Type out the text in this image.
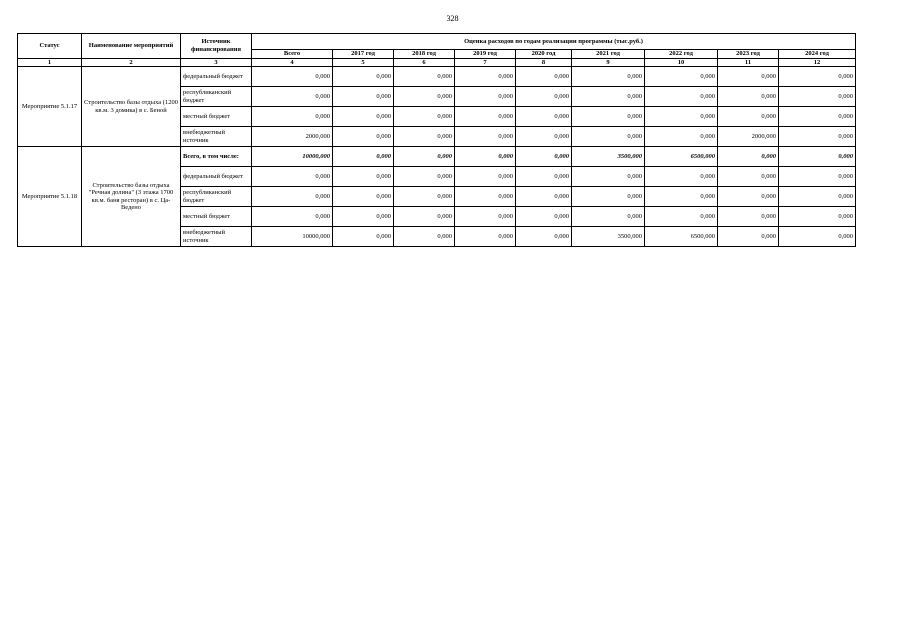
328
Статус	Наименование мероприятий	Источник финансирования	Оценка расходов по годам реализации программы (тыс.руб.)								
			Всего	2017 год	2018 год	2019 год	2020 год	2021 год	2022 год	2023 год	2024 год
1	2	3	4	5	6	7	8	9	10	11	12
Мероприятие 5.1.17	Строительство базы отдыха (1200 кв.м. 3 домика) в с. Беной	федеральный бюджет	0,000	0,000	0,000	0,000	0,000	0,000	0,000	0,000	0,000
		республиканский бюджет	0,000	0,000	0,000	0,000	0,000	0,000	0,000	0,000	0,000
		местный бюджет	0,000	0,000	0,000	0,000	0,000	0,000	0,000	0,000	0,000
		внебюджетный источник	2000,000	0,000	0,000	0,000	0,000	0,000	0,000	2000,000	0,000
Мероприятие 5.1.18	Строительство базы отдыха "Речная долина" (3 этажа 1700 кв.м. баня ресторан) в с. Ца-Ведено	Всего, в том числе:	10000,000	0,000	0,000	0,000	0,000	3500,000	6500,000	0,000	0,000
		федеральный бюджет	0,000	0,000	0,000	0,000	0,000	0,000	0,000	0,000	0,000
		республиканский бюджет	0,000	0,000	0,000	0,000	0,000	0,000	0,000	0,000	0,000
		местный бюджет	0,000	0,000	0,000	0,000	0,000	0,000	0,000	0,000	0,000
		внебюджетный источник	10000,000	0,000	0,000	0,000	0,000	3500,000	6500,000	0,000	0,000
